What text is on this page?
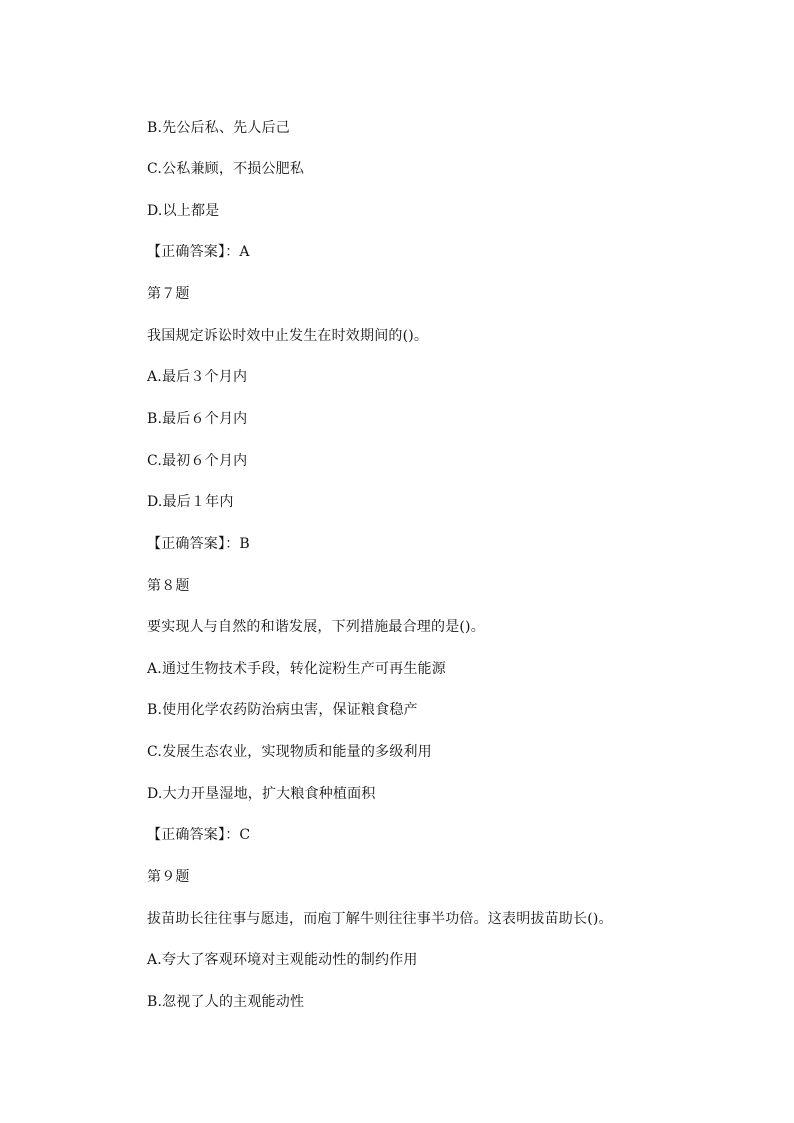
B.先公后私、先人后己
C.公私兼顾，不损公肥私
D.以上都是
【正确答案】：A
第７题
我国规定诉讼时效中止发生在时效期间的()。
A.最后３个月内
B.最后６个月内
C.最初６个月内
D.最后１年内
【正确答案】：B
第８题
要实现人与自然的和谐发展，下列措施最合理的是()。
A.通过生物技术手段，转化淀粉生产可再生能源
B.使用化学农药防治病虫害，保证粮食稳产
C.发展生态农业，实现物质和能量的多级利用
D.大力开垦湿地，扩大粮食种植面积
【正确答案】：C
第９题
拔苗助长往往事与愿违，而庖丁解牛则往往事半功倍。这表明拔苗助长()。
A.夸大了客观环境对主观能动性的制约作用
B.忽视了人的主观能动性
